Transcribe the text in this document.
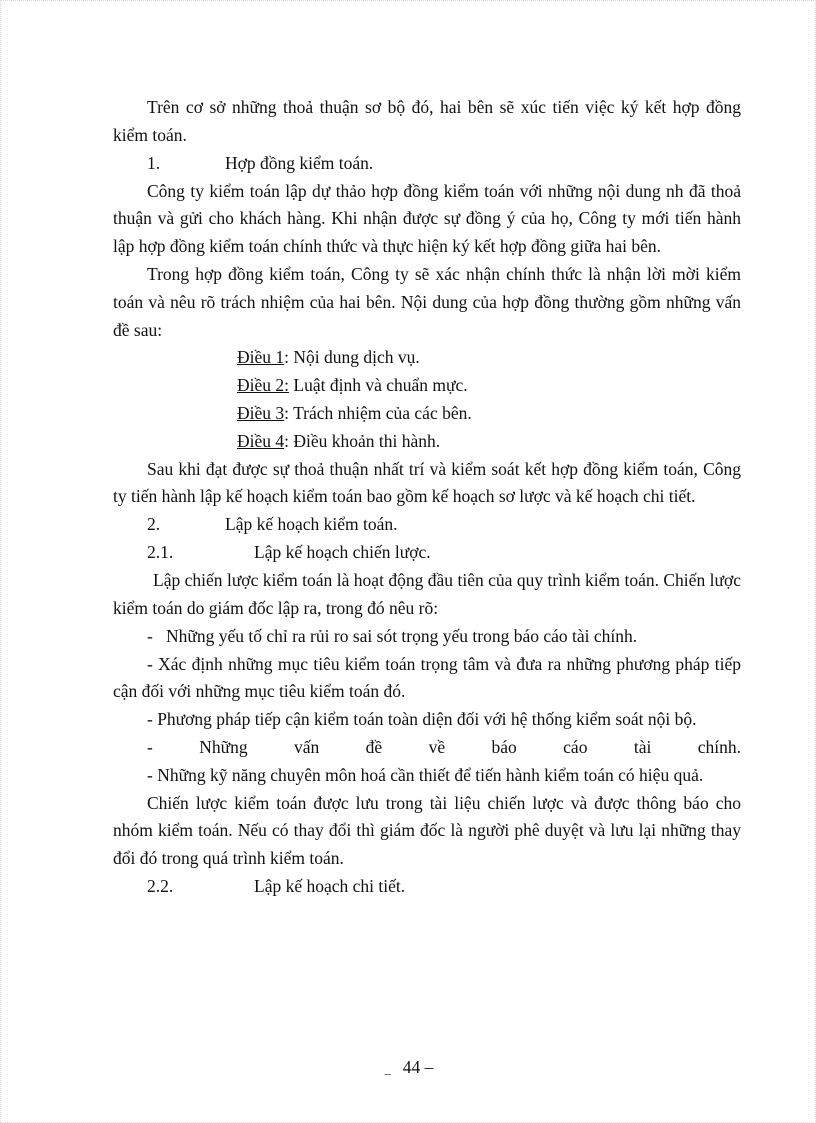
Trên cơ sở những thoả thuận sơ bộ đó, hai bên sẽ xúc tiến việc ký kết hợp đồng kiểm toán.

1.	Hợp đồng kiểm toán.

Công ty kiểm toán lập dự thảo hợp đồng kiểm toán với những nội dung nh đã thoả thuận và gửi cho khách hàng. Khi nhận được sự đồng ý của họ, Công ty mới tiến hành lập hợp đồng kiểm toán chính thức và thực hiện ký kết hợp đồng giữa hai bên.

Trong hợp đồng kiểm toán, Công ty sẽ xác nhận chính thức là nhận lời mời kiểm toán và nêu rõ trách nhiệm của hai bên. Nội dung của hợp đồng thường gồm những vấn đề sau:

Điều 1: Nội dung dịch vụ.

Điều 2: Luật định và chuẩn mực.

Điều 3: Trách nhiệm của các bên.

Điều 4: Điều khoản thi hành.

Sau khi đạt được sự thoả thuận nhất trí và kiểm soát kết hợp đồng kiểm toán, Công ty tiến hành lập kế hoạch kiểm toán bao gồm kế hoạch sơ lược và kế hoạch chi tiết.

2.	Lập kế hoạch kiểm toán.
2.1.	Lập kế hoạch chiến lược.

Lập chiến lược kiểm toán là hoạt động đầu tiên của quy trình kiểm toán. Chiến lược kiểm toán do giám đốc lập ra, trong đó nêu rõ:

-   Những yếu tố chỉ ra rủi ro sai sót trọng yếu trong báo cáo tài chính.

- Xác định những mục tiêu kiểm toán trọng tâm và đưa ra những phương pháp tiếp cận đối với những mục tiêu kiểm toán đó.

- Phương pháp tiếp cận kiểm toán toàn diện đối với hệ thống kiểm soát nội bộ.

- Những vấn đề về báo cáo tài chính.

- Những kỹ năng chuyên môn hoá cần thiết để tiến hành kiểm toán có hiệu quả.

Chiến lược kiểm toán được lưu trong tài liệu chiến lược và được thông báo cho nhóm kiểm toán. Nếu có thay đổi thì giám đốc là người phê duyệt và lưu lại những thay đổi đó trong quá trình kiểm toán.

2.2.	Lập kế hoạch chi tiết.
_ 44 –
